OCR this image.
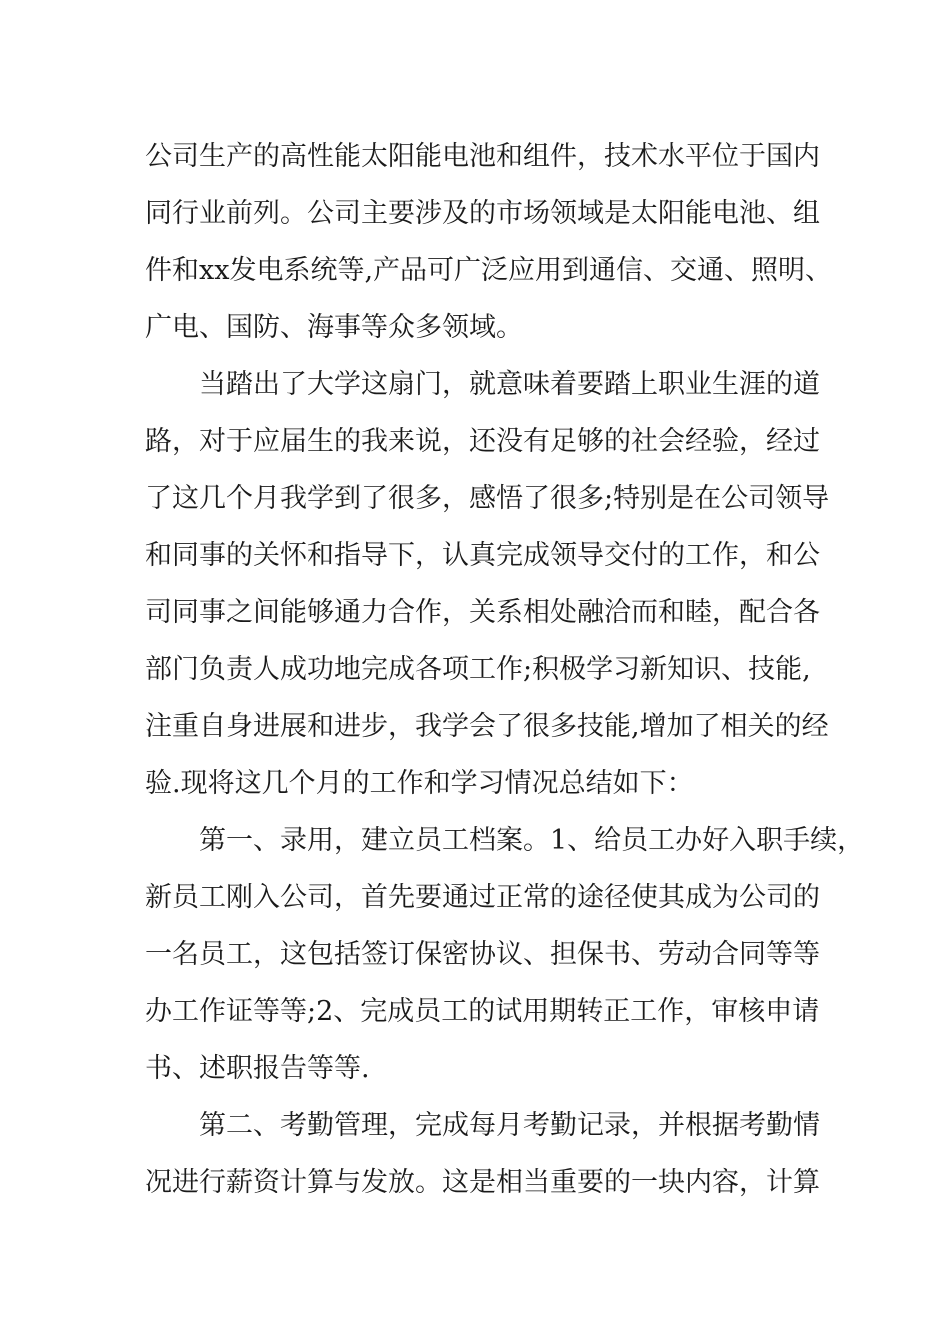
公司生产的高性能太阳能电池和组件，技术水平位于国内
同行业前列。公司主要涉及的市场领域是太阳能电池、组
件和xx发电系统等,产品可广泛应用到通信、交通、照明、
广电、国防、海事等众多领域。

当踏出了大学这扇门，就意味着要踏上职业生涯的道
路，对于应届生的我来说，还没有足够的社会经验，经过
了这几个月我学到了很多，感悟了很多;特别是在公司领导
和同事的关怀和指导下，认真完成领导交付的工作，和公
司同事之间能够通力合作，关系相处融洽而和睦，配合各
部门负责人成功地完成各项工作;积极学习新知识、技能,
注重自身进展和进步，我学会了很多技能,增加了相关的经
验.现将这几个月的工作和学习情况总结如下：

第一、录用，建立员工档案。1、给员工办好入职手续，
新员工刚入公司，首先要通过正常的途径使其成为公司的
一名员工，这包括签订保密协议、担保书、劳动合同等等
办工作证等等;2、完成员工的试用期转正工作，审核申请
书、述职报告等等.

第二、考勤管理，完成每月考勤记录，并根据考勤情
况进行薪资计算与发放。这是相当重要的一块内容，计算
